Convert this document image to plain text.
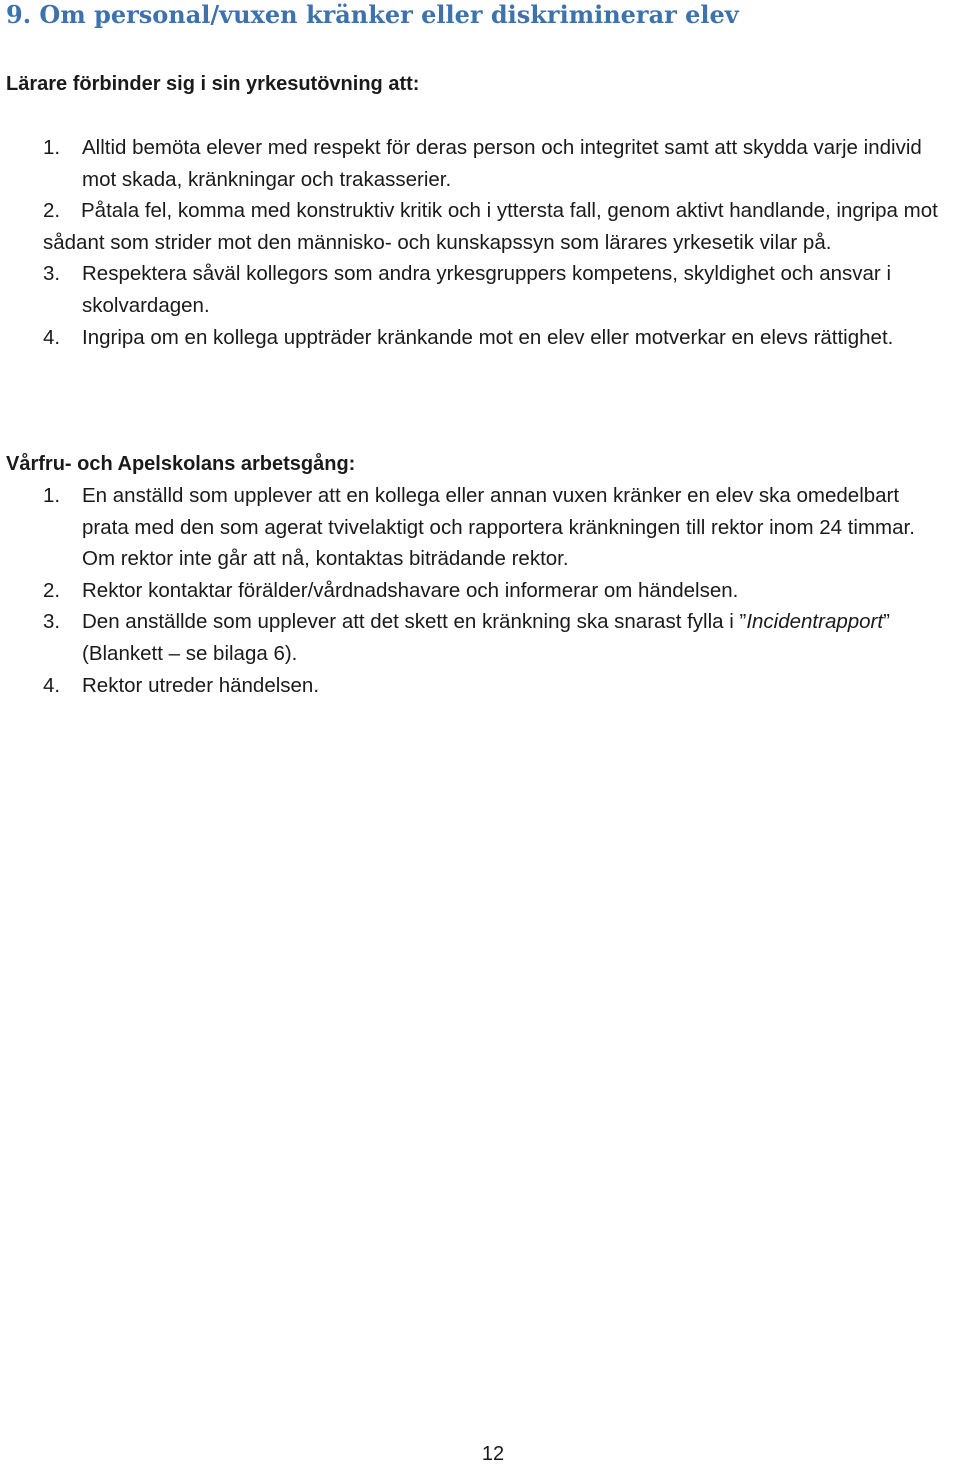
9. Om personal/vuxen kränker eller diskriminerar elev

Lärare förbinder sig i sin yrkesutövning att:

1. Alltid bemöta elever med respekt för deras person och integritet samt att skydda varje individ mot skada, kränkningar och trakasserier.
2. Påtala fel, komma med konstruktiv kritik och i yttersta fall, genom aktivt handlande, ingripa mot sådant som strider mot den människo- och kunskapssyn som lärares yrkesetik vilar på.
3. Respektera såväl kollegors som andra yrkesgruppers kompetens, skyldighet och ansvar i skolvardagen.
4. Ingripa om en kollega uppträder kränkande mot en elev eller motverkar en elevs rättighet.

Vårfru- och Apelskolans arbetsgång:

1. En anställd som upplever att en kollega eller annan vuxen kränker en elev ska omedelbart prata med den som agerat tvivelaktigt och rapportera kränkningen till rektor inom 24 timmar. Om rektor inte går att nå, kontaktas biträdande rektor.
2. Rektor kontaktar förälder/vårdnadshavare och informerar om händelsen.
3. Den anställde som upplever att det skett en kränkning ska snarast fylla i ”Incidentrapport” (Blankett – se bilaga 6).
4. Rektor utreder händelsen.
12
